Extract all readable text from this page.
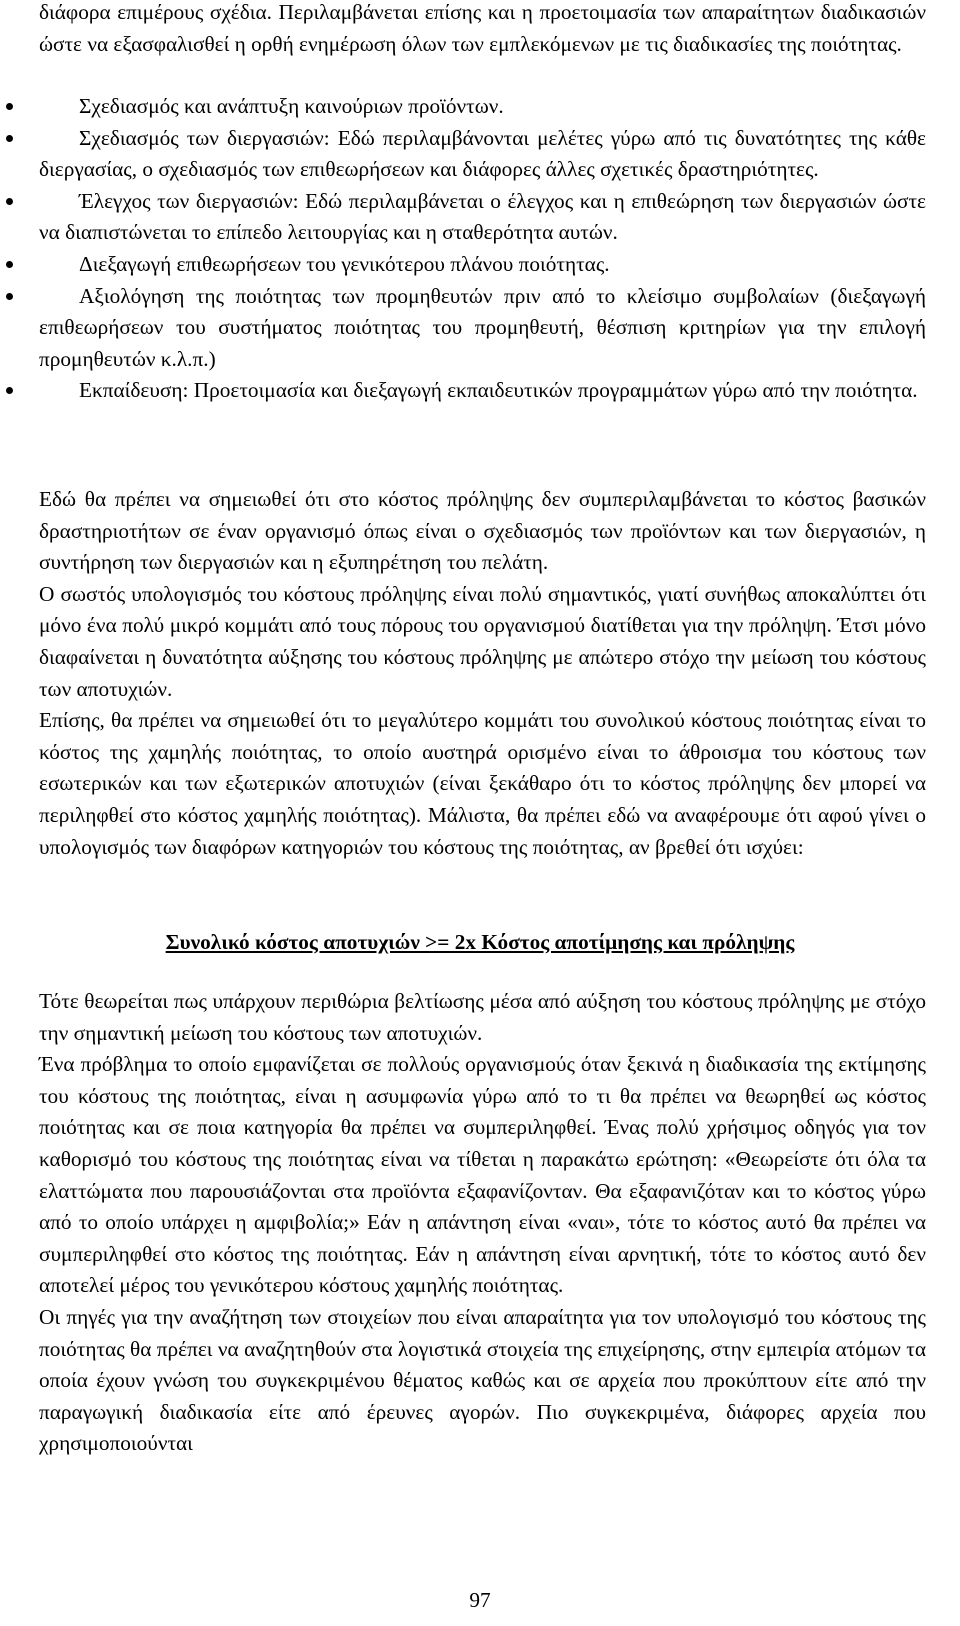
διάφορα επιμέρους σχέδια. Περιλαμβάνεται επίσης και η προετοιμασία των απαραίτητων διαδικασιών ώστε να εξασφαλισθεί η ορθή ενημέρωση όλων των εμπλεκόμενων με τις διαδικασίες της ποιότητας.

Σχεδιασμός και ανάπτυξη καινούριων προϊόντων.
Σχεδιασμός των διεργασιών: Εδώ περιλαμβάνονται μελέτες γύρω από τις δυνατότητες της κάθε διεργασίας, ο σχεδιασμός των επιθεωρήσεων και διάφορες άλλες σχετικές δραστηριότητες.
Έλεγχος των διεργασιών: Εδώ περιλαμβάνεται ο έλεγχος και η επιθεώρηση των διεργασιών ώστε να διαπιστώνεται το επίπεδο λειτουργίας και η σταθερότητα αυτών.
Διεξαγωγή επιθεωρήσεων του γενικότερου πλάνου ποιότητας.
Αξιολόγηση της ποιότητας των προμηθευτών πριν από το κλείσιμο συμβολαίων (διεξαγωγή επιθεωρήσεων του συστήματος ποιότητας του προμηθευτή, θέσπιση κριτηρίων για την επιλογή προμηθευτών κ.λ.π.)
Εκπαίδευση: Προετοιμασία και διεξαγωγή εκπαιδευτικών προγραμμάτων γύρω από την ποιότητα.

Εδώ θα πρέπει να σημειωθεί ότι στο κόστος πρόληψης δεν συμπεριλαμβάνεται το κόστος βασικών δραστηριοτήτων σε έναν οργανισμό όπως είναι ο σχεδιασμός των προϊόντων και των διεργασιών, η συντήρηση των διεργασιών και η εξυπηρέτηση του πελάτη.

Ο σωστός υπολογισμός του κόστους πρόληψης είναι πολύ σημαντικός, γιατί συνήθως αποκαλύπτει ότι μόνο ένα πολύ μικρό κομμάτι από τους πόρους του οργανισμού διατίθεται για την πρόληψη. Έτσι μόνο διαφαίνεται η δυνατότητα αύξησης του κόστους πρόληψης με απώτερο στόχο την μείωση του κόστους των αποτυχιών.

Επίσης, θα πρέπει να σημειωθεί ότι το μεγαλύτερο κομμάτι του συνολικού κόστους ποιότητας είναι το κόστος της χαμηλής ποιότητας, το οποίο αυστηρά ορισμένο είναι το άθροισμα του κόστους των εσωτερικών και των εξωτερικών αποτυχιών (είναι ξεκάθαρο ότι το κόστος πρόληψης δεν μπορεί να περιληφθεί στο κόστος χαμηλής ποιότητας). Μάλιστα, θα πρέπει εδώ να αναφέρουμε ότι αφού γίνει ο υπολογισμός των διαφόρων κατηγοριών του κόστους της ποιότητας, αν βρεθεί ότι ισχύει:

Συνολικό κόστος αποτυχιών >= 2x Κόστος αποτίμησης και πρόληψης

Τότε θεωρείται πως υπάρχουν περιθώρια βελτίωσης μέσα από αύξηση του κόστους πρόληψης με στόχο την σημαντική μείωση του κόστους των αποτυχιών.

Ένα πρόβλημα το οποίο εμφανίζεται σε πολλούς οργανισμούς όταν ξεκινά η διαδικασία της εκτίμησης του κόστους της ποιότητας, είναι η ασυμφωνία γύρω από το τι θα πρέπει να θεωρηθεί ως κόστος ποιότητας και σε ποια κατηγορία θα πρέπει να συμπεριληφθεί. Ένας πολύ χρήσιμος οδηγός για τον καθορισμό του κόστους της ποιότητας είναι να τίθεται η παρακάτω ερώτηση: «Θεωρείστε ότι όλα τα ελαττώματα που παρουσιάζονται στα προϊόντα εξαφανίζονταν. Θα εξαφανιζόταν και το κόστος γύρω από το οποίο υπάρχει η αμφιβολία;» Εάν η απάντηση είναι «ναι», τότε το κόστος αυτό θα πρέπει να συμπεριληφθεί στο κόστος της ποιότητας. Εάν η απάντηση είναι αρνητική, τότε το κόστος αυτό δεν αποτελεί μέρος του γενικότερου κόστους χαμηλής ποιότητας.

Οι πηγές για την αναζήτηση των στοιχείων που είναι απαραίτητα για τον υπολογισμό του κόστους της ποιότητας θα πρέπει να αναζητηθούν στα λογιστικά στοιχεία της επιχείρησης, στην εμπειρία ατόμων τα οποία έχουν γνώση του συγκεκριμένου θέματος καθώς και σε αρχεία που προκύπτουν είτε από την παραγωγική διαδικασία είτε από έρευνες αγορών. Πιο συγκεκριμένα, διάφορες αρχεία που χρησιμοποιούνται

97
